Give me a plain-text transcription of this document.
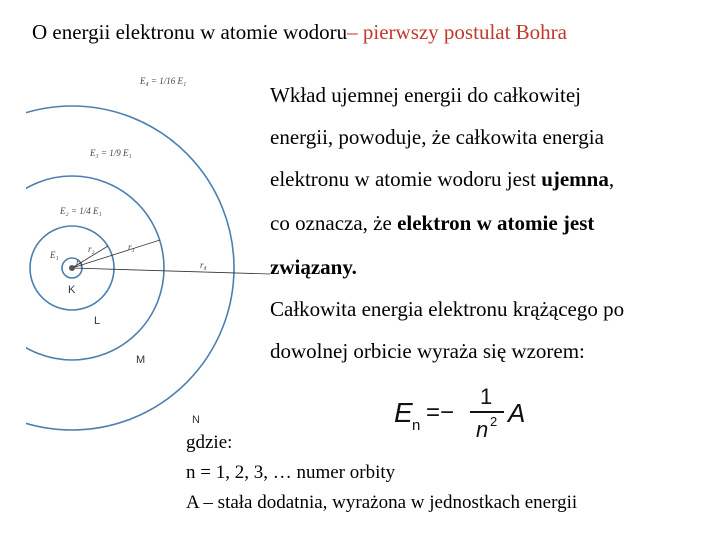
O energii elektronu w atomie wodoru– pierwszy postulat Bohra
E₄ = 1/16 E₁
E₃ = 1/9 E₁
E₂ = 1/4 E₁
E₁
r₁
r₂	r₃
r₄
K
L
M
N
Wkład ujemnej energii do całkowitej
energii, powoduje, że całkowita energia
elektronu w atomie wodoru jest ujemna,
co oznacza, że elektron w atomie jest
związany.
Całkowita energia elektronu krążącego po
dowolnej orbicie wyraża się wzorem:
E n =−
1
n 2 A
gdzie:
n = 1, 2, 3, … numer orbity
A – stała dodatnia, wyrażona w jednostkach energii
